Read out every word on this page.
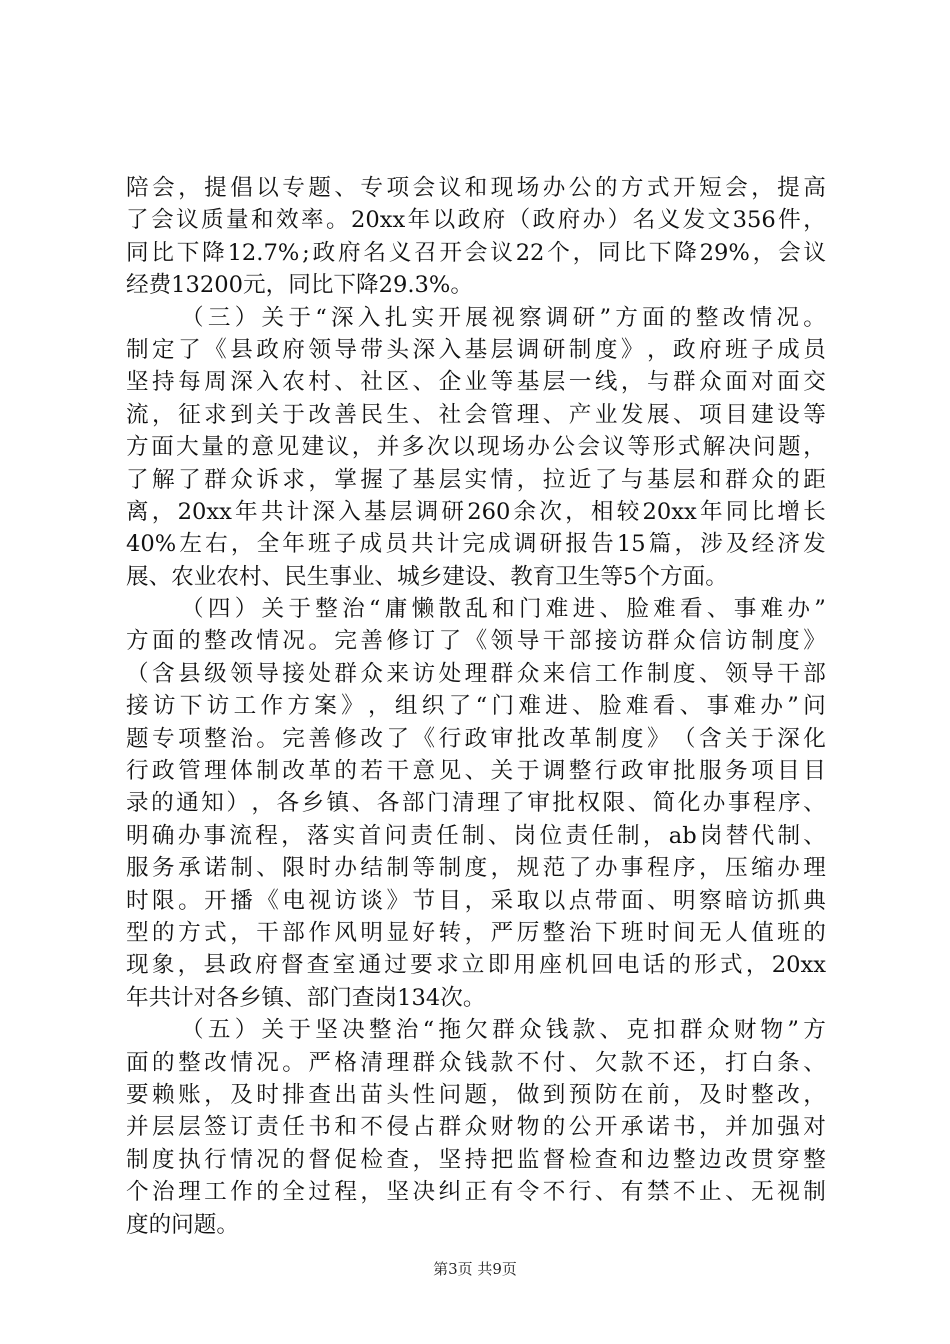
陪 会 ， 提 倡 以 专 题 、 专 项 会 议 和 现 场 办 公 的 方 式 开 短 会 ， 提 高
了 会 议 质 量 和 效 率 。 20xx 年 以 政 府 （ 政 府 办 ） 名 义 发 文 356 件 ，
同 比 下 降 12.7% ; 政 府 名 义 召 开 会 议 22 个 ， 同 比 下 降 29% ， 会 议
经费13200元，同比下降29.3%。
（ 三 ） 关 于 “ 深 入 扎 实 开 展 视 察 调 研 ” 方 面 的 整 改 情 况 。
制 定 了 《 县 政 府 领 导 带 头 深 入 基 层 调 研 制 度 》 ， 政 府 班 子 成 员
坚 持 每 周 深 入 农 村 、 社 区 、 企 业 等 基 层 一 线 ， 与 群 众 面 对 面 交
流 ， 征 求 到 关 于 改 善 民 生 、 社 会 管 理 、 产 业 发 展 、 项 目 建 设 等
方 面 大 量 的 意 见 建 议 ， 并 多 次 以 现 场 办 公 会 议 等 形 式 解 决 问 题 ，
了 解 了 群 众 诉 求 ， 掌 握 了 基 层 实 情 ， 拉 近 了 与 基 层 和 群 众 的 距
离 ， 20xx 年 共 计 深 入 基 层 调 研 260 余 次 ， 相 较 20xx 年 同 比 增 长
40% 左 右 ， 全 年 班 子 成 员 共 计 完 成 调 研 报 告 15 篇 ， 涉 及 经 济 发
展、农业农村、民生事业、城乡建设、教育卫生等5个方面。
（ 四 ） 关 于 整 治 “ 庸 懒 散 乱 和 门 难 进 、 脸 难 看 、 事 难 办 ”
方 面 的 整 改 情 况 。 完 善 修 订 了 《 领 导 干 部 接 访 群 众 信 访 制 度 》
（ 含 县 级 领 导 接 处 群 众 来 访 处 理 群 众 来 信 工 作 制 度 、 领 导 干 部
接 访 下 访 工 作 方 案 》 ， 组 织 了 “ 门 难 进 、 脸 难 看 、 事 难 办 ” 问
题 专 项 整 治 。 完 善 修 改 了 《 行 政 审 批 改 革 制 度 》 （ 含 关 于 深 化
行 政 管 理 体 制 改 革 的 若 干 意 见 、 关 于 调 整 行 政 审 批 服 务 项 目 目
录 的 通 知 ） ， 各 乡 镇 、 各 部 门 清 理 了 审 批 权 限 、 简 化 办 事 程 序 、
明 确 办 事 流 程 ， 落 实 首 问 责 任 制 、 岗 位 责 任 制 ， ab 岗 替 代 制 、
服 务 承 诺 制 、 限 时 办 结 制 等 制 度 ， 规 范 了 办 事 程 序 ， 压 缩 办 理
时 限 。 开 播 《 电 视 访 谈 》 节 目 ， 采 取 以 点 带 面 、 明 察 暗 访 抓 典
型 的 方 式 ， 干 部 作 风 明 显 好 转 ， 严 厉 整 治 下 班 时 间 无 人 值 班 的
现 象 ， 县 政 府 督 查 室 通 过 要 求 立 即 用 座 机 回 电 话 的 形 式 ， 20xx
年共计对各乡镇、部门查岗134次。
（ 五 ） 关 于 坚 决 整 治 “ 拖 欠 群 众 钱 款 、 克 扣 群 众 财 物 ” 方
面 的 整 改 情 况 。 严 格 清 理 群 众 钱 款 不 付 、 欠 款 不 还 ， 打 白 条 、
要 赖 账 ， 及 时 排 查 出 苗 头 性 问 题 ， 做 到 预 防 在 前 ， 及 时 整 改 ，
并 层 层 签 订 责 任 书 和 不 侵 占 群 众 财 物 的 公 开 承 诺 书 ， 并 加 强 对
制 度 执 行 情 况 的 督 促 检 查 ， 坚 持 把 监 督 检 查 和 边 整 边 改 贯 穿 整
个 治 理 工 作 的 全 过 程 ， 坚 决 纠 正 有 令 不 行 、 有 禁 不 止 、 无 视 制
度的问题。
第3页 共9页
